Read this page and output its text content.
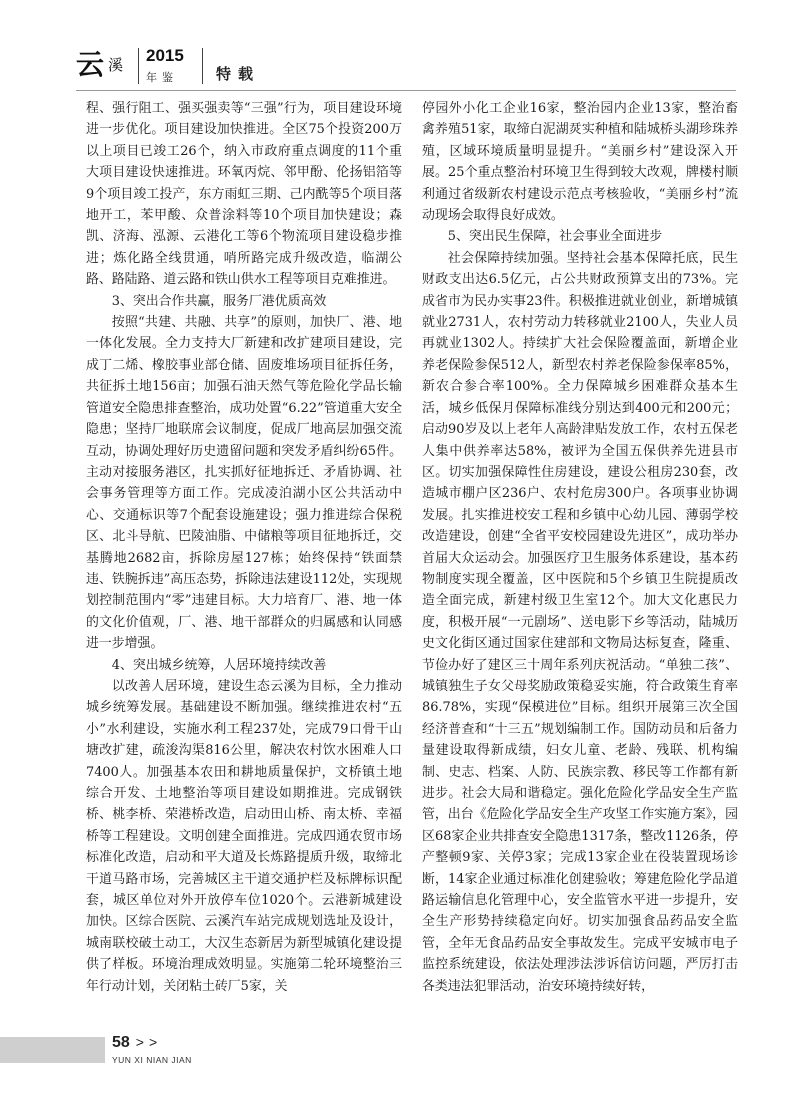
云溪 2015
年鉴	特载

程、强行阻工、强买强卖等“三强”行为，项目建设环境进一步优化。项目建设加快推进。全区75个投资200万以上项目已竣工26个，纳入市政府重点调度的11个重大项目建设快速推进。环氧丙烷、邻甲酚、伦扬铝箔等9个项目竣工投产，东方雨虹三期、己内酰等5个项目落地开工，苯甲酸、众普涂料等10个项目加快建设；森凯、济海、泓源、云港化工等6个物流项目建设稳步推进；炼化路全线贯通，哨所路完成升级改造，临湖公路、路陆路、道云路和铁山供水工程等项目克难推进。

3、突出合作共赢，服务厂港优质高效

按照“共建、共融、共享”的原则，加快厂、港、地一体化发展。全力支持大厂新建和改扩建项目建设，完成丁二烯、橡胶事业部仓储、固废堆场项目征拆任务，共征拆土地156亩；加强石油天然气等危险化学品长输管道安全隐患排查整治，成功处置“6.22”管道重大安全隐患；坚持厂地联席会议制度，促成厂地高层加强交流互动，协调处理好历史遗留问题和突发矛盾纠纷65件。主动对接服务港区，扎实抓好征地拆迁、矛盾协调、社会事务管理等方面工作。完成凌泊湖小区公共活动中心、交通标识等7个配套设施建设；强力推进综合保税区、北斗导航、巴陵油脂、中储粮等项目征地拆迁，交基腾地2682亩，拆除房屋127栋；始终保持“铁面禁违、铁腕拆违”高压态势，拆除违法建设112处，实现规划控制范围内“零”违建目标。大力培育厂、港、地一体的文化价值观，厂、港、地干部群众的归属感和认同感进一步增强。

4、突出城乡统筹，人居环境持续改善

以改善人居环境，建设生态云溪为目标，全力推动城乡统筹发展。基础建设不断加强。继续推进农村“五小”水利建设，实施水利工程237处，完成79口骨干山塘改扩建，疏浚沟渠816公里，解决农村饮水困难人口7400人。加强基本农田和耕地质量保护，文桥镇土地综合开发、土地整治等项目建设如期推进。完成钢铁桥、桃李桥、荣港桥改造，启动田山桥、南太桥、幸福桥等工程建设。文明创建全面推进。完成四通农贸市场标准化改造，启动和平大道及长炼路提质升级，取缔北干道马路市场，完善城区主干道交通护栏及标牌标识配套，城区单位对外开放停车位1020个。云港新城建设加快。区综合医院、云溪汽车站完成规划选址及设计，城南联校破土动工，大汉生态新居为新型城镇化建设提供了样板。环境治理成效明显。实施第二轮环境整治三年行动计划，关闭粘土砖厂5家，关

停园外小化工企业16家，整治园内企业13家，整治畜禽养殖51家，取缔白泥湖烎实种植和陆城桥头湖珍珠养殖，区域环境质量明显提升。“美丽乡村”建设深入开展。25个重点整治村环境卫生得到较大改观，牌楼村顺利通过省级新农村建设示范点考核验收，“美丽乡村”流动现场会取得良好成效。

5、突出民生保障，社会事业全面进步

社会保障持续加强。坚持社会基本保障托底，民生财政支出达6.5亿元，占公共财政预算支出的73%。完成省市为民办实事23件。积极推进就业创业，新增城镇就业2731人，农村劳动力转移就业2100人，失业人员再就业1302人。持续扩大社会保险覆盖面，新增企业养老保险参保512人，新型农村养老保险参保率85%，新农合参合率100%。全力保障城乡困难群众基本生活，城乡低保月保障标准线分别达到400元和200元；启动90岁及以上老年人高龄津贴发放工作，农村五保老人集中供养率达58%，被评为全国五保供养先进县市区。切实加强保障性住房建设，建设公租房230套，改造城市棚户区236户、农村危房300户。各项事业协调发展。扎实推进校安工程和乡镇中心幼儿园、薄弱学校改造建设，创建“全省平安校园建设先进区”，成功举办首届大众运动会。加强医疗卫生服务体系建设，基本药物制度实现全覆盖，区中医院和5个乡镇卫生院提质改造全面完成，新建村级卫生室12个。加大文化惠民力度，积极开展“一元剧场”、送电影下乡等活动，陆城历史文化街区通过国家住建部和文物局达标复查，隆重、节俭办好了建区三十周年系列庆祝活动。“单独二孩”、城镇独生子女父母奖励政策稳妥实施，符合政策生育率86.78%，实现“保模进位”目标。组织开展第三次全国经济普查和“十三五”规划编制工作。国防动员和后备力量建设取得新成绩，妇女儿童、老龄、残联、机构编制、史志、档案、人防、民族宗教、移民等工作都有新进步。社会大局和谐稳定。强化危险化学品安全生产监管，出台《危险化学品安全生产攻坚工作实施方案》，园区68家企业共排查安全隐患1317条，整改1126条，停产整顿9家、关停3家；完成13家企业在役装置现场诊断，14家企业通过标准化创建验收；筹建危险化学品道路运输信息化管理中心，安全监管水平进一步提升，安全生产形势持续稳定向好。切实加强食品药品安全监管，全年无食品药品安全事故发生。完成平安城市电子监控系统建设，依法处理涉法涉诉信访问题，严厉打击各类违法犯罪活动，治安环境持续好转，

58 >>
YUN XI NIAN JIAN
